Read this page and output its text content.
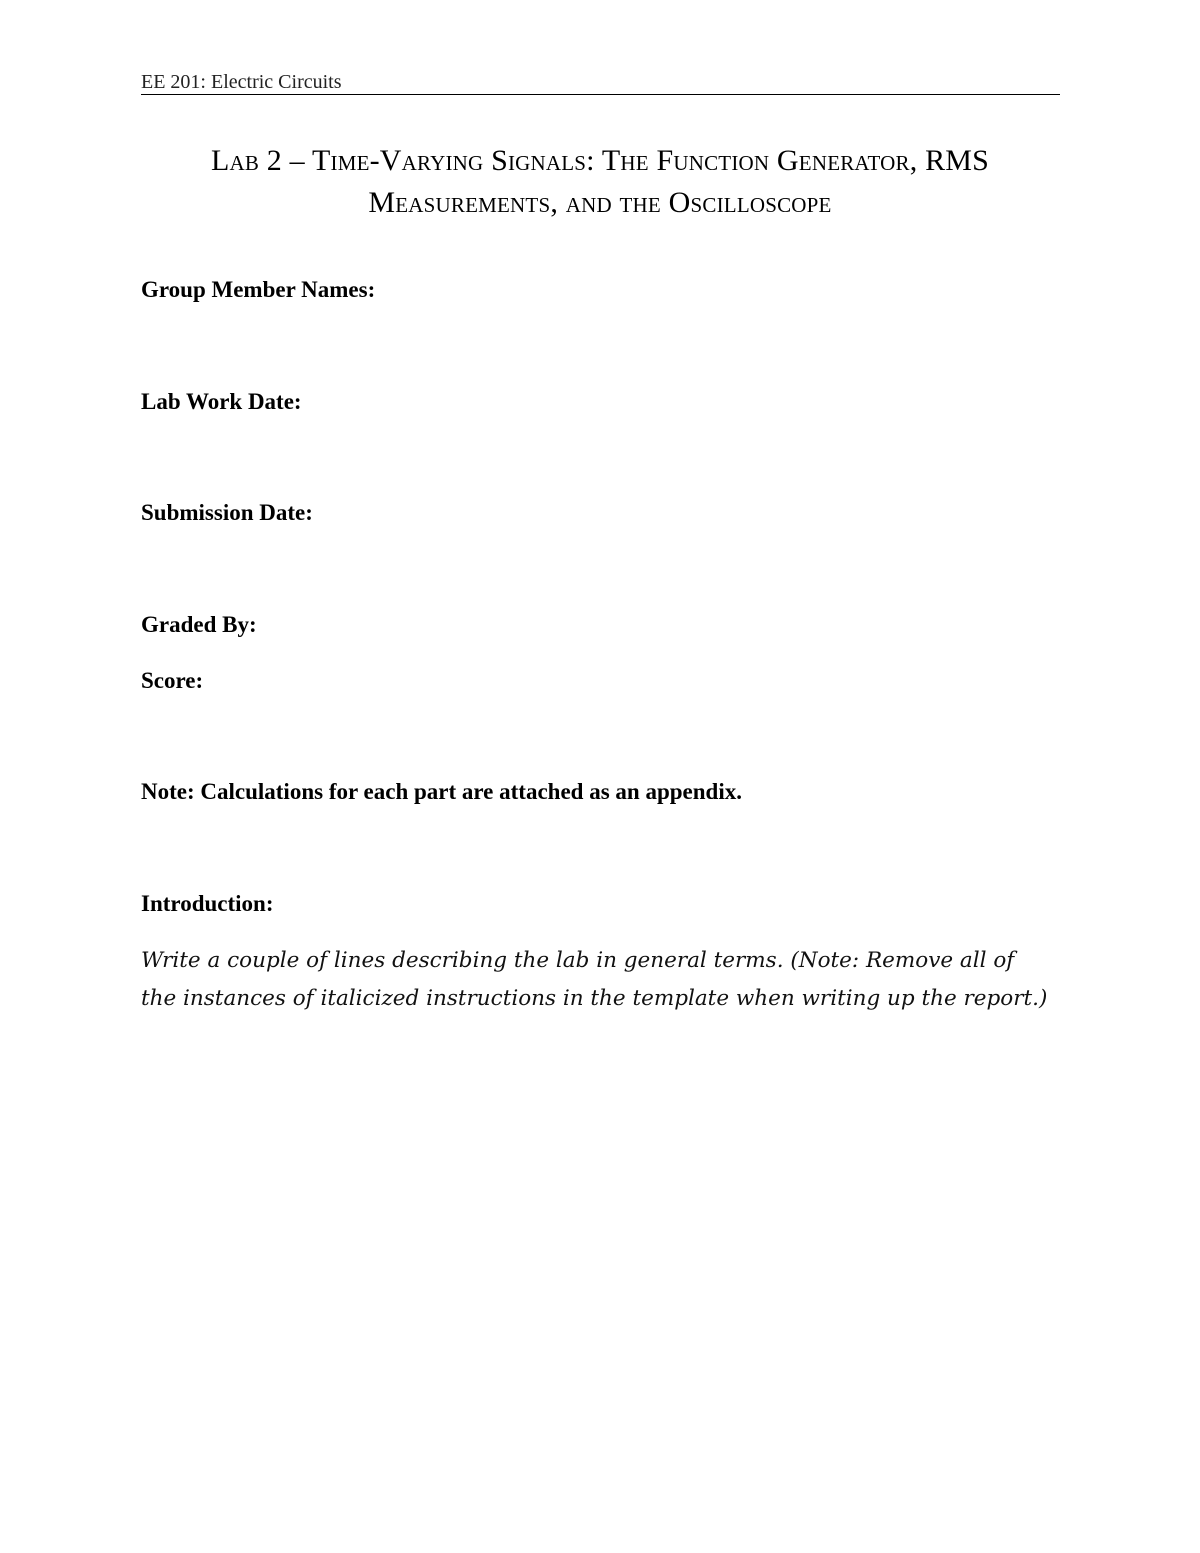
EE 201: Electric Circuits
Lab 2 – Time-Varying Signals: The Function Generator, RMS
Measurements, and the Oscilloscope
Group Member Names:
Lab Work Date:
Submission Date:
Graded By:
Score:
Note: Calculations for each part are attached as an appendix.
Introduction:
Write a couple of lines describing the lab in general terms. (Note: Remove all of
the instances of italicized instructions in the template when writing up the report.)
